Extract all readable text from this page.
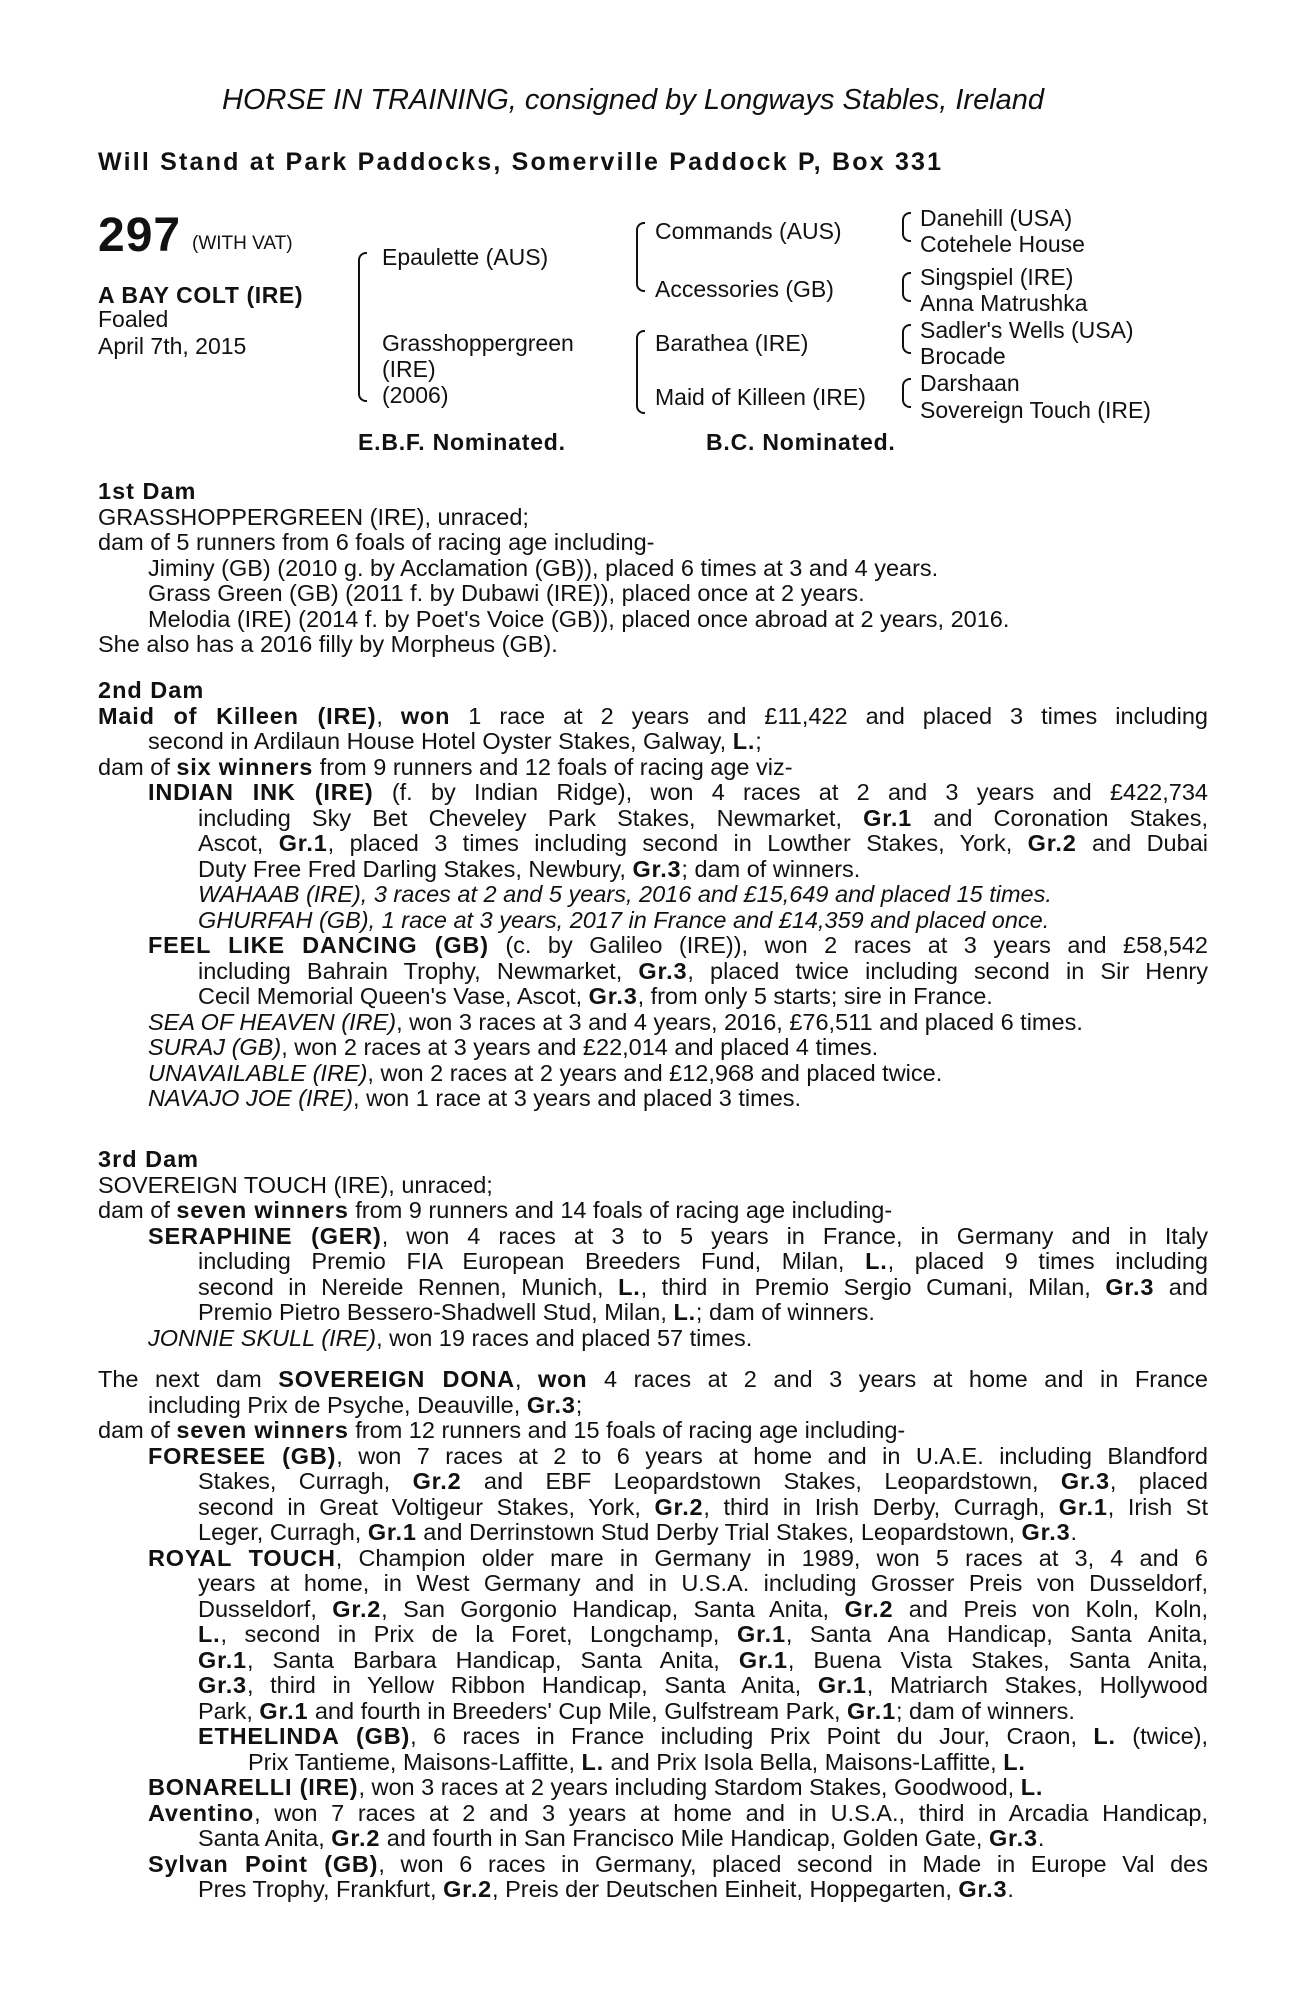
HORSE IN TRAINING, consigned by Longways Stables, Ireland
Will Stand at Park Paddocks, Somerville Paddock P, Box 331
297 (WITH VAT)
A BAY COLT (IRE)
Foaled
April 7th, 2015
Epaulette (AUS)
Grasshoppergreen
(IRE)
(2006)
Commands (AUS)
Accessories (GB)
Barathea (IRE)
Maid of Killeen (IRE)
Danehill (USA)
Cotehele House
Singspiel (IRE)
Anna Matrushka
Sadler's Wells (USA)
Brocade
Darshaan
Sovereign Touch (IRE)
E.B.F. Nominated.	B.C. Nominated.

1st Dam

GRASSHOPPERGREEN (IRE), unraced;

dam of 5 runners from 6 foals of racing age including-

Jiminy (GB) (2010 g. by Acclamation (GB)), placed 6 times at 3 and 4 years.

Grass Green (GB) (2011 f. by Dubawi (IRE)), placed once at 2 years.

Melodia (IRE) (2014 f. by Poet's Voice (GB)), placed once abroad at 2 years, 2016.

She also has a 2016 filly by Morpheus (GB).

2nd Dam

Maid of Killeen (IRE), won 1 race at 2 years and £11,422 and placed 3 times including

second in Ardilaun House Hotel Oyster Stakes, Galway, L.;

dam of six winners from 9 runners and 12 foals of racing age viz-

INDIAN INK (IRE) (f. by Indian Ridge), won 4 races at 2 and 3 years and £422,734

including Sky Bet Cheveley Park Stakes, Newmarket, Gr.1 and Coronation Stakes,

Ascot, Gr.1, placed 3 times including second in Lowther Stakes, York, Gr.2 and Dubai

Duty Free Fred Darling Stakes, Newbury, Gr.3; dam of winners.

WAHAAB (IRE), 3 races at 2 and 5 years, 2016 and £15,649 and placed 15 times.

GHURFAH (GB), 1 race at 3 years, 2017 in France and £14,359 and placed once.

FEEL LIKE DANCING (GB) (c. by Galileo (IRE)), won 2 races at 3 years and £58,542

including Bahrain Trophy, Newmarket, Gr.3, placed twice including second in Sir Henry

Cecil Memorial Queen's Vase, Ascot, Gr.3, from only 5 starts; sire in France.

SEA OF HEAVEN (IRE), won 3 races at 3 and 4 years, 2016, £76,511 and placed 6 times.

SURAJ (GB), won 2 races at 3 years and £22,014 and placed 4 times.

UNAVAILABLE (IRE), won 2 races at 2 years and £12,968 and placed twice.

NAVAJO JOE (IRE), won 1 race at 3 years and placed 3 times.

3rd Dam

SOVEREIGN TOUCH (IRE), unraced;

dam of seven winners from 9 runners and 14 foals of racing age including-

SERAPHINE (GER), won 4 races at 3 to 5 years in France, in Germany and in Italy

including Premio FIA European Breeders Fund, Milan, L., placed 9 times including

second in Nereide Rennen, Munich, L., third in Premio Sergio Cumani, Milan, Gr.3 and

Premio Pietro Bessero-Shadwell Stud, Milan, L.; dam of winners.

JONNIE SKULL (IRE), won 19 races and placed 57 times.

The next dam SOVEREIGN DONA, won 4 races at 2 and 3 years at home and in France

including Prix de Psyche, Deauville, Gr.3;

dam of seven winners from 12 runners and 15 foals of racing age including-

FORESEE (GB), won 7 races at 2 to 6 years at home and in U.A.E. including Blandford

Stakes, Curragh, Gr.2 and EBF Leopardstown Stakes, Leopardstown, Gr.3, placed

second in Great Voltigeur Stakes, York, Gr.2, third in Irish Derby, Curragh, Gr.1, Irish St

Leger, Curragh, Gr.1 and Derrinstown Stud Derby Trial Stakes, Leopardstown, Gr.3.

ROYAL TOUCH, Champion older mare in Germany in 1989, won 5 races at 3, 4 and 6

years at home, in West Germany and in U.S.A. including Grosser Preis von Dusseldorf,

Dusseldorf, Gr.2, San Gorgonio Handicap, Santa Anita, Gr.2 and Preis von Koln, Koln,

L., second in Prix de la Foret, Longchamp, Gr.1, Santa Ana Handicap, Santa Anita,

Gr.1, Santa Barbara Handicap, Santa Anita, Gr.1, Buena Vista Stakes, Santa Anita,

Gr.3, third in Yellow Ribbon Handicap, Santa Anita, Gr.1, Matriarch Stakes, Hollywood

Park, Gr.1 and fourth in Breeders' Cup Mile, Gulfstream Park, Gr.1; dam of winners.

ETHELINDA (GB), 6 races in France including Prix Point du Jour, Craon, L. (twice),

Prix Tantieme, Maisons-Laffitte, L. and Prix Isola Bella, Maisons-Laffitte, L.

BONARELLI (IRE), won 3 races at 2 years including Stardom Stakes, Goodwood, L.

Aventino, won 7 races at 2 and 3 years at home and in U.S.A., third in Arcadia Handicap,

Santa Anita, Gr.2 and fourth in San Francisco Mile Handicap, Golden Gate, Gr.3.

Sylvan Point (GB), won 6 races in Germany, placed second in Made in Europe Val des

Pres Trophy, Frankfurt, Gr.2, Preis der Deutschen Einheit, Hoppegarten, Gr.3.
